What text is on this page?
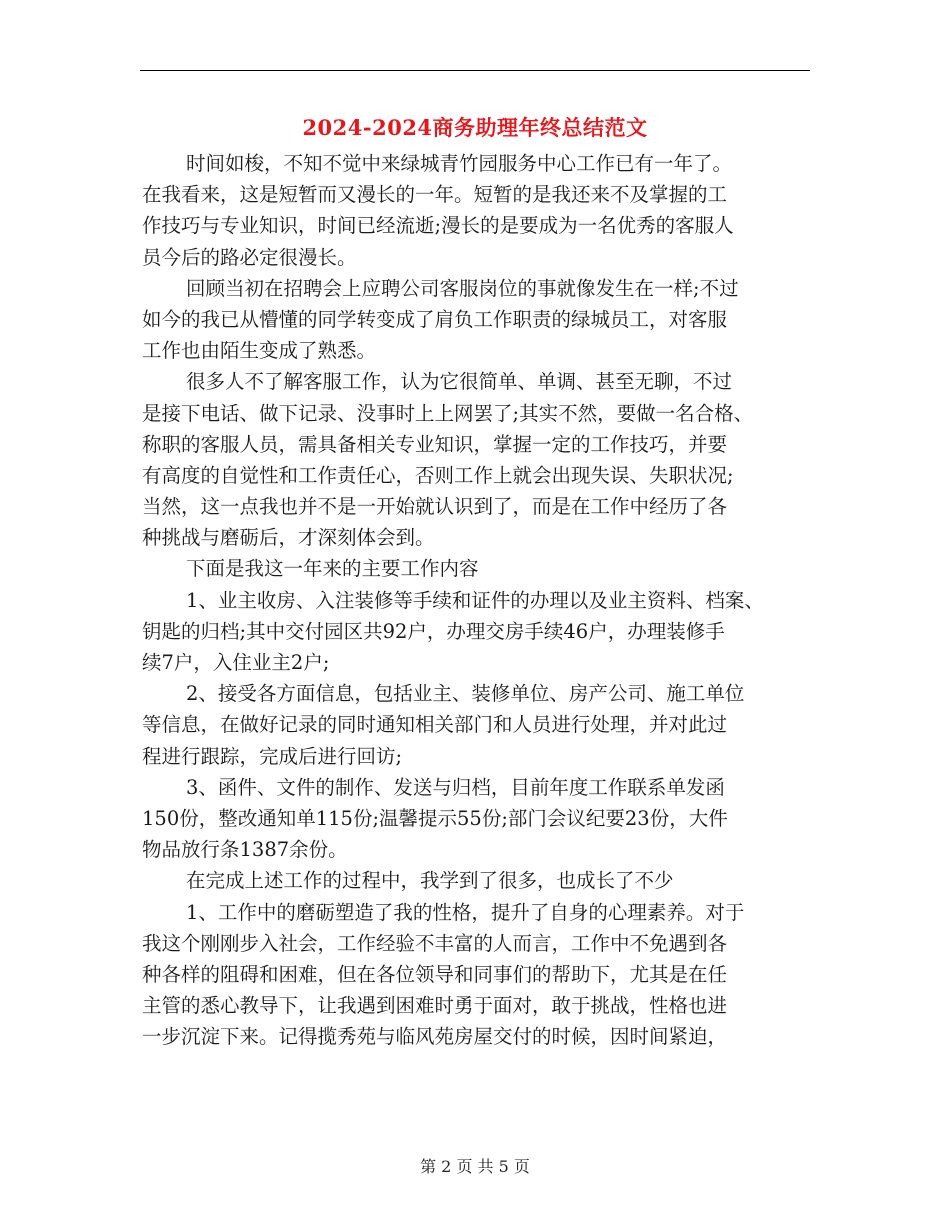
2024-2024商务助理年终总结范文
时间如梭，不知不觉中来绿城青竹园服务中心工作已有一年了。
在我看来，这是短暂而又漫长的一年。短暂的是我还来不及掌握的工
作技巧与专业知识，时间已经流逝;漫长的是要成为一名优秀的客服人
员今后的路必定很漫长。
回顾当初在招聘会上应聘公司客服岗位的事就像发生在一样;不过
如今的我已从懵懂的同学转变成了肩负工作职责的绿城员工，对客服
工作也由陌生变成了熟悉。
很多人不了解客服工作，认为它很简单、单调、甚至无聊，不过
是接下电话、做下记录、没事时上上网罢了;其实不然，要做一名合格、
称职的客服人员，需具备相关专业知识，掌握一定的工作技巧，并要
有高度的自觉性和工作责任心，否则工作上就会出现失误、失职状况;
当然，这一点我也并不是一开始就认识到了，而是在工作中经历了各
种挑战与磨砺后，才深刻体会到。
下面是我这一年来的主要工作内容
1、业主收房、入注装修等手续和证件的办理以及业主资料、档案、
钥匙的归档;其中交付园区共92户，办理交房手续46户，办理装修手
续7户，入住业主2户;
2、接受各方面信息，包括业主、装修单位、房产公司、施工单位
等信息，在做好记录的同时通知相关部门和人员进行处理，并对此过
程进行跟踪，完成后进行回访;
3、函件、文件的制作、发送与归档，目前年度工作联系单发函
150份，整改通知单115份;温馨提示55份;部门会议纪要23份，大件
物品放行条1387余份。
在完成上述工作的过程中，我学到了很多，也成长了不少
1、工作中的磨砺塑造了我的性格，提升了自身的心理素养。对于
我这个刚刚步入社会，工作经验不丰富的人而言，工作中不免遇到各
种各样的阻碍和困难，但在各位领导和同事们的帮助下，尤其是在任
主管的悉心教导下，让我遇到困难时勇于面对，敢于挑战，性格也进
一步沉淀下来。记得揽秀苑与临风苑房屋交付的时候，因时间紧迫，
第 2 页 共 5 页
